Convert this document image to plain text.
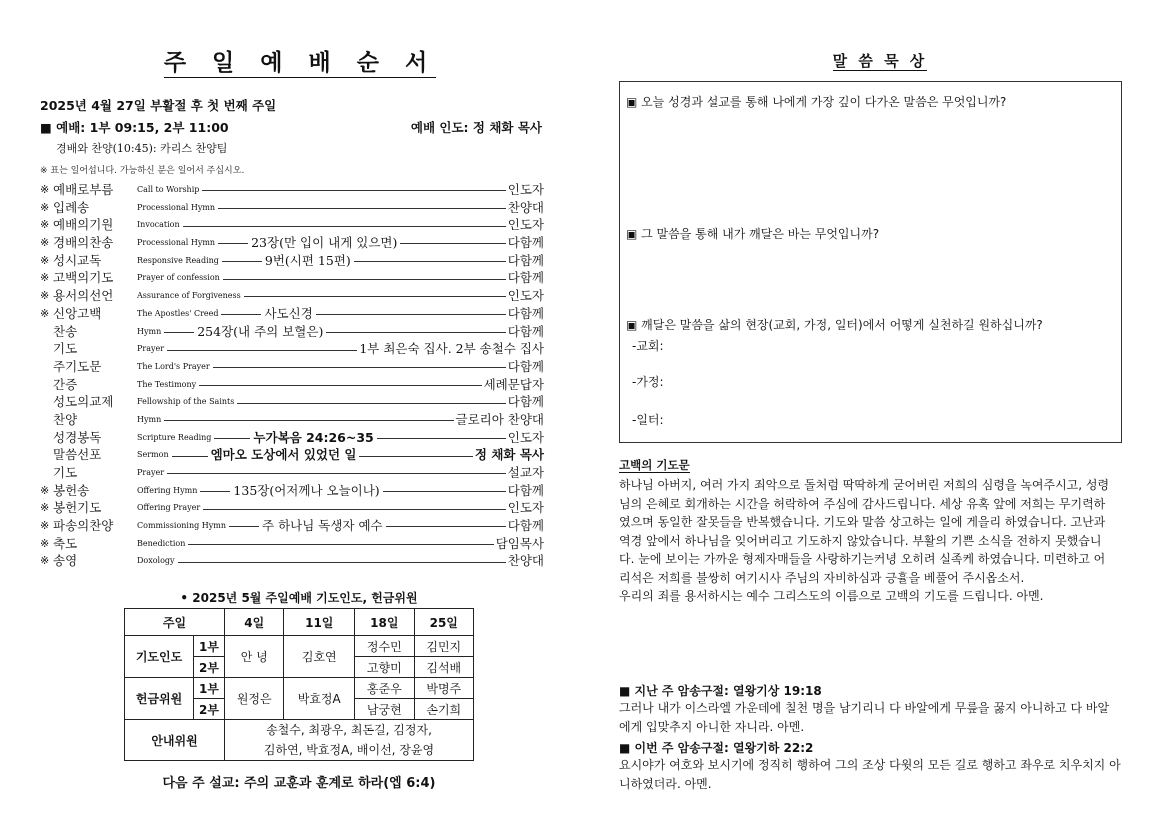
주 일 예 배 순 서
2025년 4월 27일 부활절 후 첫 번째 주일
■ 예배: 1부 09:15, 2부 11:00	예배 인도: 정 채화 목사
경배와 찬양(10:45): 카리스 찬양팀
※ 표는 일어섭니다. 가능하신 분은 일어서 주십시오.
※ 예배로부름	Call to Worship	인도자
※ 입례송	Processional Hymn	찬양대
※ 예배의기원	Invocation	인도자
※ 경배의찬송	Processional Hymn	23장(만 입이 내게 있으면)	다함께
※ 성시교독	Responsive Reading	9번(시편 15편)	다함께
※ 고백의기도	Prayer of confession	다함께
※ 용서의선언	Assurance of Forgiveness	인도자
※ 신앙고백	The Apostles' Creed	사도신경	다함께
찬송	Hymn	254장(내 주의 보혈은)	다함께
기도	Prayer	1부 최은숙 집사. 2부 송철수 집사
주기도문	The Lord's Prayer	다함께
간증	The Testimony	세례문답자
성도의교제	Fellowship of the Saints	다함께
찬양	Hymn	글로리아 찬양대
성경봉독	Scripture Reading	누가복음 24:26~35	인도자
말씀선포	Sermon	엠마오 도상에서 있었던 일	정 채화 목사
기도	Prayer	설교자
※ 봉헌송	Offering Hymn	135장(어저께나 오늘이나)	다함께
※ 봉헌기도	Offering Prayer	인도자
※ 파송의찬양	Commissioning Hymn	주 하나님 독생자 예수	다함께
※ 축도	Benediction	담임목사
※ 송영	Doxology	찬양대
• 2025년 5월 주일예배 기도인도, 헌금위원
주일		4일	11일	18일	25일
기도인도	1부	안 녕	김호연	정수민	김민지
	2부			고향미	김석배
헌금위원	1부	원정은	박효정A	홍준우	박명주
	2부			남궁현	손기희
안내위원		송철수, 최광우, 최돈길, 김정자,
김하연, 박효정A, 배이선, 장윤영			
다음 주 설교: 주의 교훈과 훈계로 하라(엡 6:4)
말 씀 묵 상
▣ 오늘 성경과 설교를 통해 나에게 가장 깊이 다가온 말씀은 무엇입니까?
▣ 그 말씀을 통해 내가 깨달은 바는 무엇입니까?
▣ 깨달은 말씀을 삶의 현장(교회, 가정, 일터)에서 어떻게 실천하길 원하십니까?
-교회:
-가정:
-일터:
고백의 기도문
하나님 아버지, 여러 가지 죄악으로 돌처럼 딱딱하게 굳어버린 저희의 심령을 녹여주시고, 성령
님의 은혜로 회개하는 시간을 허락하여 주심에 감사드립니다. 세상 유혹 앞에 저희는 무기력하
였으며 동일한 잘못들을 반복했습니다. 기도와 말씀 상고하는 일에 게을리 하였습니다. 고난과
역경 앞에서 하나님을 잊어버리고 기도하지 않았습니다. 부활의 기쁜 소식을 전하지 못했습니
다. 눈에 보이는 가까운 형제자매들을 사랑하기는커녕 오히려 실족케 하였습니다. 미련하고 어
리석은 저희를 불쌍히 여기시사 주님의 자비하심과 긍휼을 베풀어 주시옵소서.
우리의 죄를 용서하시는 예수 그리스도의 이름으로 고백의 기도를 드립니다. 아멘.
■ 지난 주 암송구절: 열왕기상 19:18
그러나 내가 이스라엘 가운데에 칠천 명을 남기리니 다 바알에게 무릎을 꿇지 아니하고 다 바알
에게 입맞추지 아니한 자니라. 아멘.
■ 이번 주 암송구절: 열왕기하 22:2
요시야가 여호와 보시기에 정직히 행하여 그의 조상 다윗의 모든 길로 행하고 좌우로 치우치지 아
니하였더라. 아멘.
